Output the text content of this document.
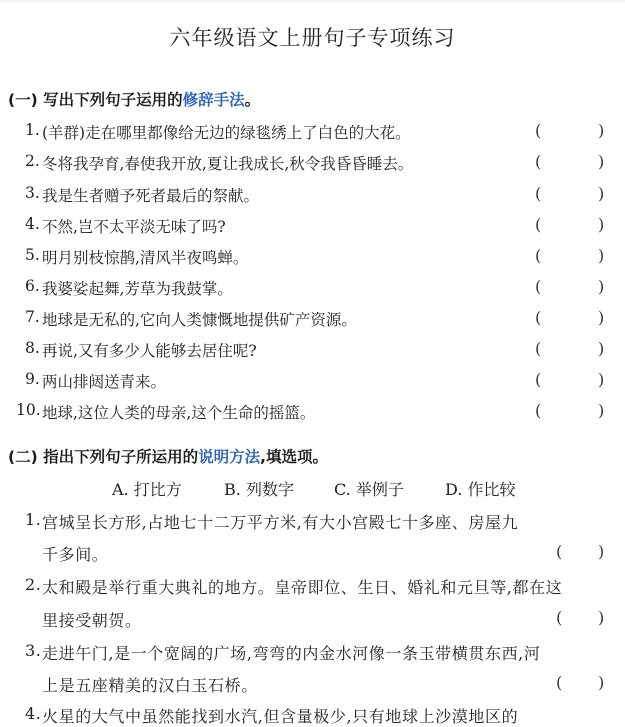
六年级语文上册句子专项练习
(一) 写出下列句子运用的修辞手法。
1. (羊群)走在哪里都像给无边的绿毯绣上了白色的大花。	(	)
2. 冬将我孕育,春使我开放,夏让我成长,秋令我昏昏睡去。	(	)
3. 我是生者赠予死者最后的祭献。	(	)
4. 不然,岂不太平淡无味了吗?	(	)
5. 明月别枝惊鹊,清风半夜鸣蝉。	(	)
6. 我婆娑起舞,芳草为我鼓掌。	(	)
7. 地球是无私的,它向人类慷慨地提供矿产资源。	(	)
8. 再说,又有多少人能够去居住呢?	(	)
9. 两山排闼送青来。	(	)
10. 地球,这位人类的母亲,这个生命的摇篮。	(	)
(二) 指出下列句子所运用的说明方法,填选项。
A. 打比方	B. 列数字	C. 举例子	D. 作比较
1. 宫城呈长方形,占地七十二万平方米,有大小宫殿七十多座、房屋九
千多间。	( )
2. 太和殿是举行重大典礼的地方。皇帝即位、生日、婚礼和元旦等,都在这
里接受朝贺。	( )
3. 走进午门,是一个宽阔的广场,弯弯的内金水河像一条玉带横贯东西,河
上是五座精美的汉白玉石桥。	( )
4. 火星的大气中虽然能找到水汽,但含量极少,只有地球上沙漠地区的
